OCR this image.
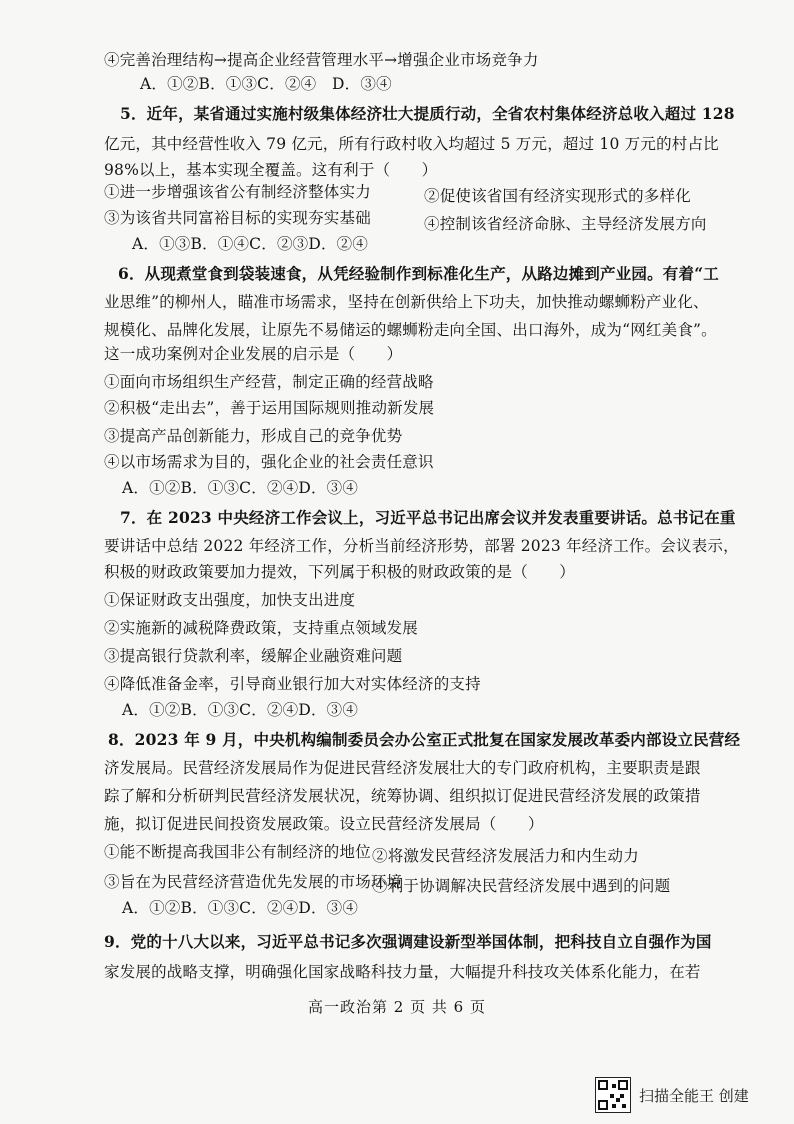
④完善治理结构→提高企业经营管理水平→增强企业市场竞争力
A．①②B．①③C．②④　D．③④
5．近年，某省通过实施村级集体经济壮大提质行动，全省农村集体经济总收入超过 128
亿元，其中经营性收入 79 亿元，所有行政村收入均超过 5 万元，超过 10 万元的村占比
98%以上，基本实现全覆盖。这有利于（　　）
①进一步增强该省公有制经济整体实力	②促使该省国有经济实现形式的多样化
③为该省共同富裕目标的实现夯实基础	④控制该省经济命脉、主导经济发展方向
A．①③B．①④C．②③D．②④
6．从现煮堂食到袋装速食，从凭经验制作到标准化生产，从路边摊到产业园。有着“工
业思维”的柳州人，瞄准市场需求，坚持在创新供给上下功夫，加快推动螺蛳粉产业化、
规模化、品牌化发展，让原先不易储运的螺蛳粉走向全国、出口海外，成为“网红美食”。
这一成功案例对企业发展的启示是（　　）
①面向市场组织生产经营，制定正确的经营战略
②积极“走出去”，善于运用国际规则推动新发展
③提高产品创新能力，形成自己的竞争优势
④以市场需求为目的，强化企业的社会责任意识
A．①②B．①③C．②④D．③④
7．在 2023 中央经济工作会议上，习近平总书记出席会议并发表重要讲话。总书记在重
要讲话中总结 2022 年经济工作，分析当前经济形势，部署 2023 年经济工作。会议表示，
积极的财政政策要加力提效，下列属于积极的财政政策的是（　　）
①保证财政支出强度，加快支出进度
②实施新的减税降费政策，支持重点领域发展
③提高银行贷款利率，缓解企业融资难问题
④降低准备金率，引导商业银行加大对实体经济的支持
A．①②B．①③C．②④D．③④
8．2023 年 9 月，中央机构编制委员会办公室正式批复在国家发展改革委内部设立民营经
济发展局。民营经济发展局作为促进民营经济发展壮大的专门政府机构，主要职责是跟
踪了解和分析研判民营经济发展状况，统筹协调、组织拟订促进民营经济发展的政策措
施，拟订促进民间投资发展政策。设立民营经济发展局（　　）
①能不断提高我国非公有制经济的地位 ②将激发民营经济发展活力和内生动力
③旨在为民营经济营造优先发展的市场环境
④利于协调解决民营经济发展中遇到的问题
A．①②B．①③C．②④D．③④
9．党的十八大以来，习近平总书记多次强调建设新型举国体制，把科技自立自强作为国
家发展的战略支撑，明确强化国家战略科技力量，大幅提升科技攻关体系化能力，在若
高一政治第 2 页 共 6 页
扫描全能王 创建
